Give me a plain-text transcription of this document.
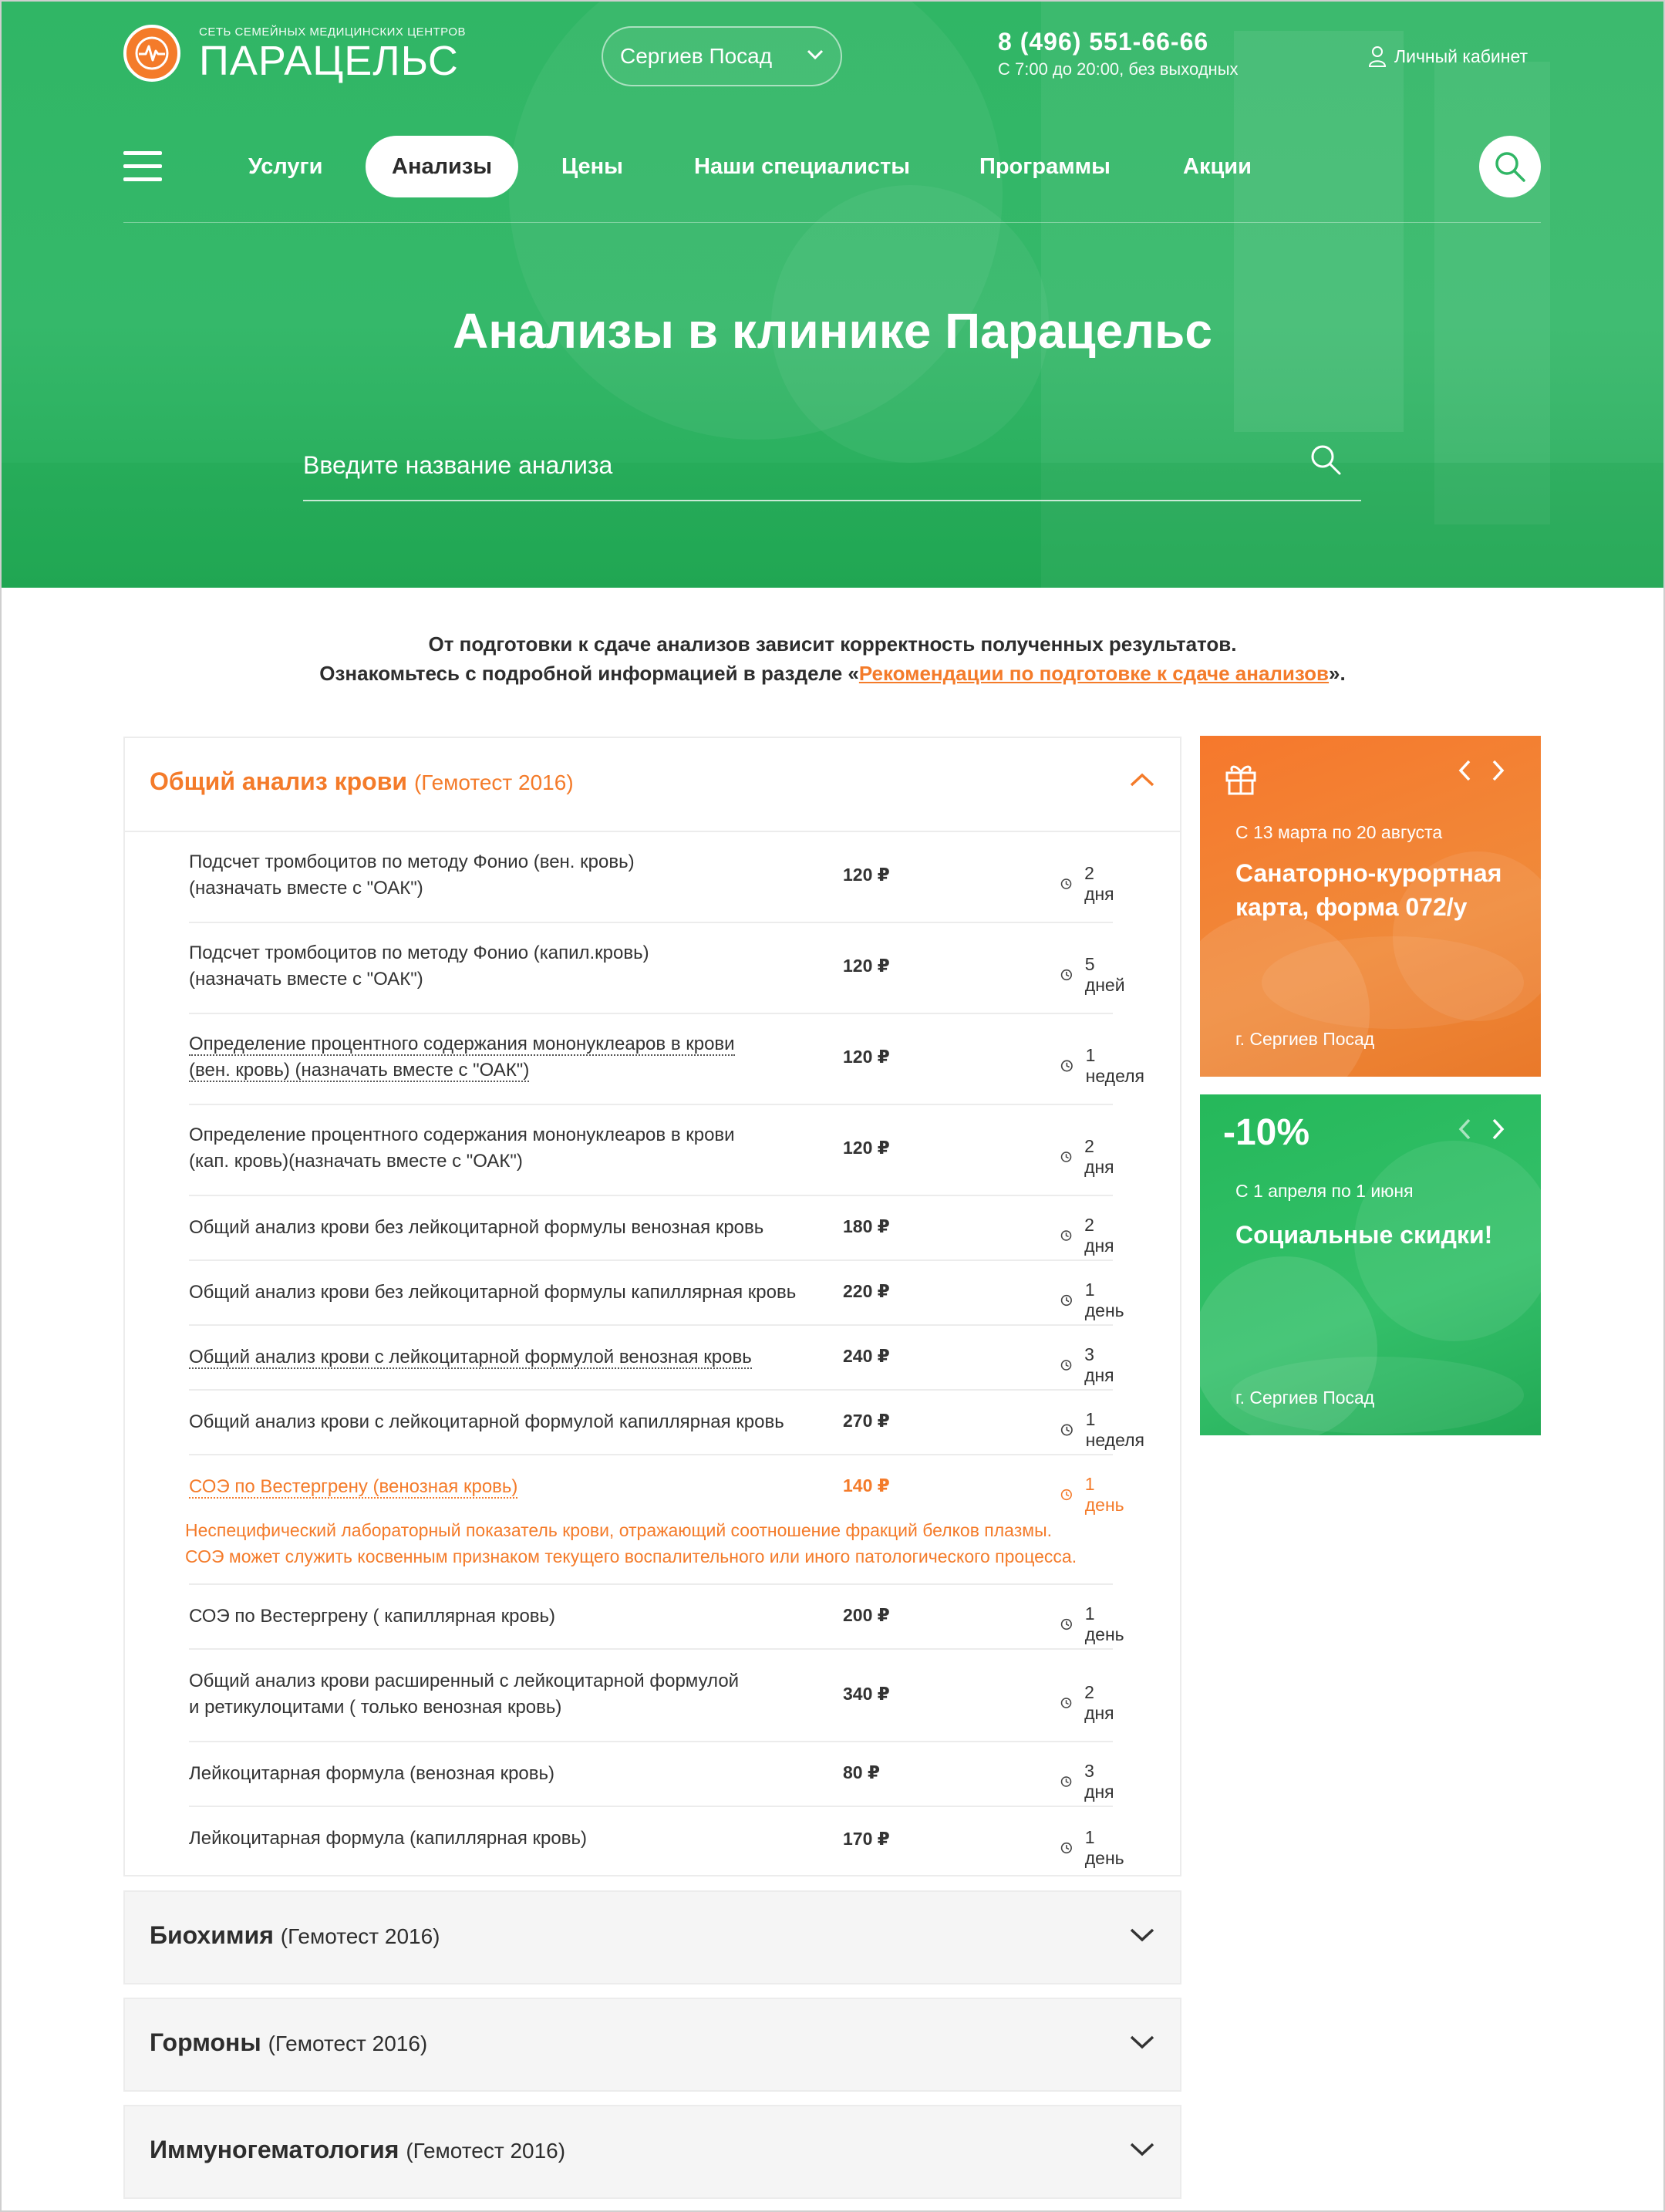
СЕТЬ СЕМЕЙНЫХ МЕДИЦИНСКИХ ЦЕНТРОВ
ПАРАЦЕЛЬС	Сергиев Посад
8 (496) 551-66-66
С 7:00 до 20:00, без выходных
Личный кабинет
Услуги	Анализы	Цены	Наши специалисты	Программы	Акции
Анализы в клинике Парацельс
Введите название анализа
От подготовки к сдаче анализов зависит корректность полученных результатов.
Ознакомьтесь с подробной информацией в разделе «Рекомендации по подготовке к сдаче анализов».
Общий анализ крови (Гемотест 2016)
Подсчет тромбоцитов по методу Фонио (вен. кровь)
(назначать вместе с "ОАК")
120 ₽	2 дня
Подсчет тромбоцитов по методу Фонио (капил.кровь)
(назначать вместе с "ОАК")
120 ₽	5 дней
Определение процентного содержания мононуклеаров в крови
(вен. кровь) (назначать вместе с "ОАК")
120 ₽	1 неделя
Определение процентного содержания мононуклеаров в крови
(кап. кровь)(назначать вместе с "ОАК")
120 ₽	2 дня
Общий анализ крови без лейкоцитарной формулы венозная кровь	180 ₽	2 дня
Общий анализ крови без лейкоцитарной формулы капиллярная кровь	220 ₽	1 день
Общий анализ крови с лейкоцитарной формулой венозная кровь	240 ₽	3 дня
Общий анализ крови с лейкоцитарной формулой капиллярная кровь	270 ₽	1 неделя
СОЭ по Вестергрену (венозная кровь)	140 ₽	1 день
Неспецифический лабораторный показатель крови, отражающий соотношение фракций белков плазмы.
СОЭ может служить косвенным признаком текущего воспалительного или иного патологического процесса.
СОЭ по Вестергрену ( капиллярная кровь)	200 ₽	1 день
Общий анализ крови расширенный с лейкоцитарной формулой
и ретикулоцитами ( только венозная кровь)
340 ₽	2 дня
Лейкоцитарная формула (венозная кровь)	80 ₽	3 дня
Лейкоцитарная формула (капиллярная кровь)	170 ₽	1 день
Биохимия (Гемотест 2016)
Гормоны (Гемотест 2016)
Иммуногематология (Гемотест 2016)
С 13 марта по 20 августа
Санаторно-курортная
карта, форма 072/у
г. Сергиев Посад
-10%
С 1 апреля по 1 июня
Социальные скидки!
г. Сергиев Посад
